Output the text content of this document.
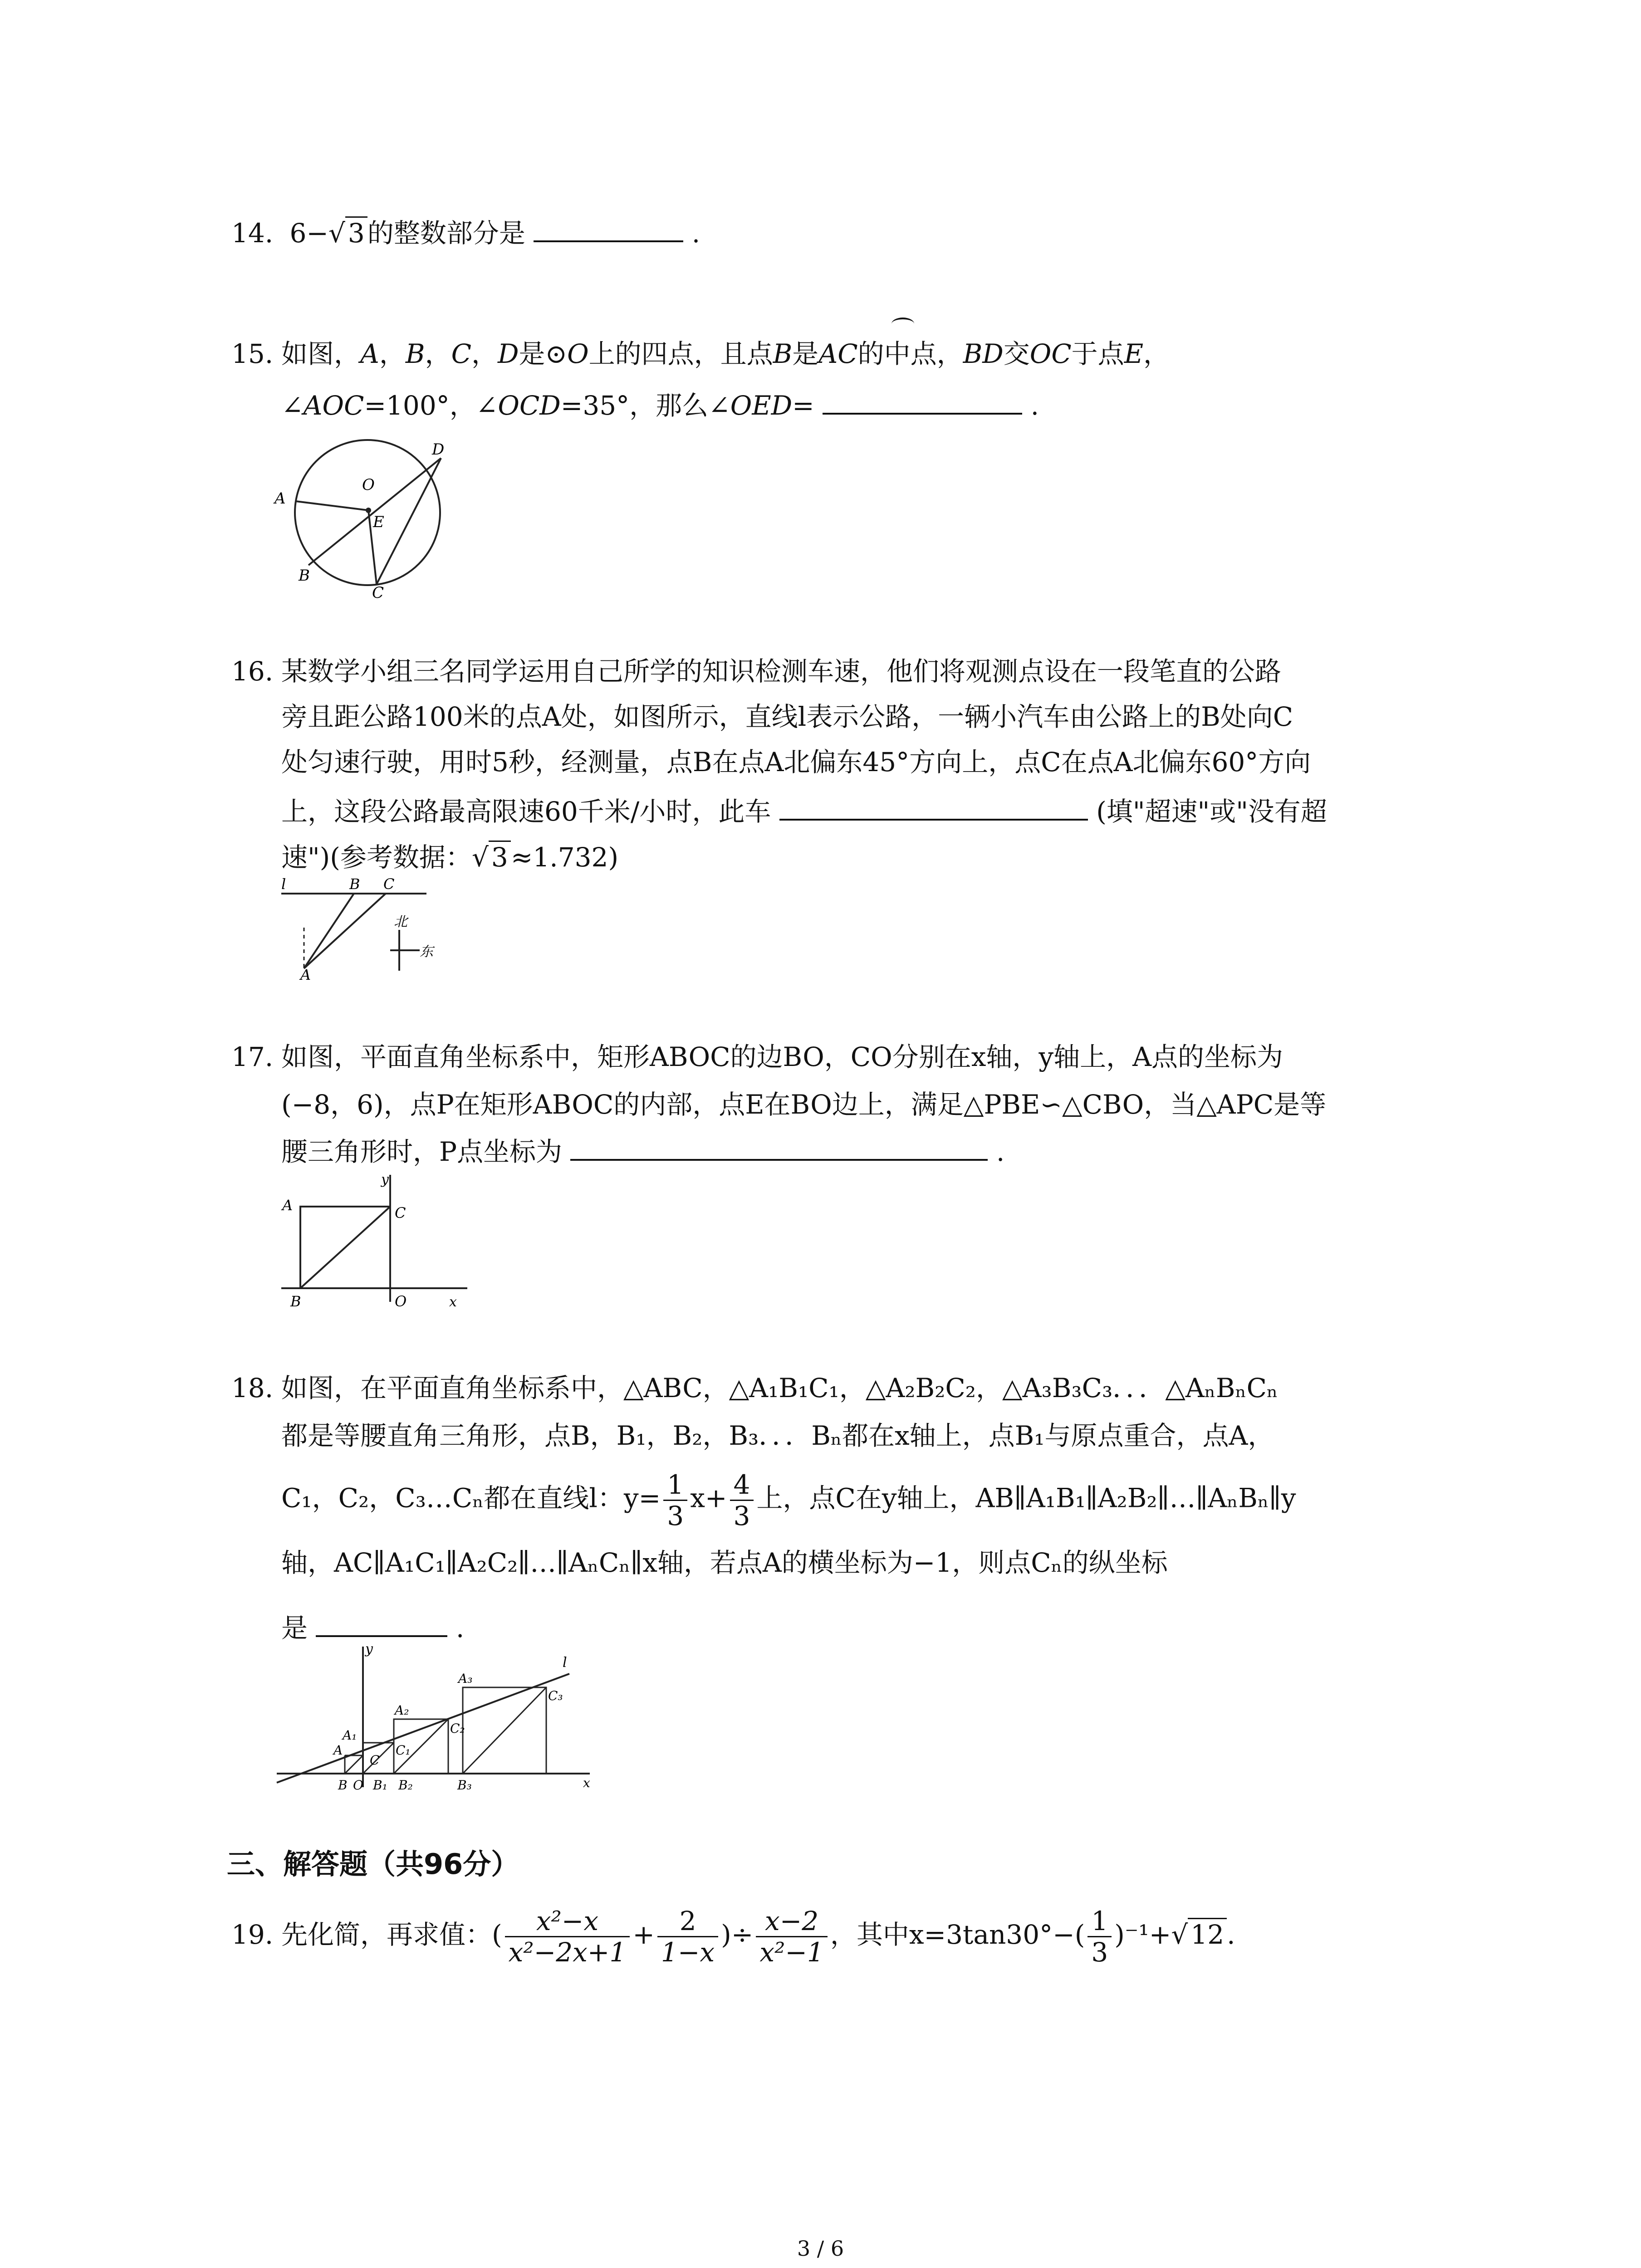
14. 6−√ 3 的整数部分是	.
15. 如图，A，B，C，D是⊙O上的四点，且点B是AC的中点，BD交OC于点E，
∠AOC=100°，∠OCD=35°，那么∠OED=	.
A
O
D
E
B
C
16. 某数学小组三名同学运用自己所学的知识检测车速，他们将观测点设在一段笔直的公路
旁且距公路100米的点A处，如图所示，直线l表示公路，一辆小汽车由公路上的B处向C
处匀速行驶，用时5秒，经测量，点B在点A北偏东45°方向上，点C在点A北偏东60°方向
上，这段公路最高限速60千米/小时，此车	(填"超速"或"没有超
速")(参考数据：√ 3 ≈1.732)
l	B C
A
北
东
17. 如图，平面直角坐标系中，矩形ABOC的边BO，CO分别在x轴，y轴上，A点的坐标为
(−8，6)，点P在矩形ABOC的内部，点E在BO边上，满足△PBE∽△CBO，当△APC是等
腰三角形时，P点坐标为	.
y
A	C
B	O	x
18. 如图，在平面直角坐标系中，△ABC，△A₁B₁C₁，△A₂B₂C₂，△A₃B₃C₃．．．△AₙBₙCₙ
都是等腰直角三角形，点B，B₁，B₂，B₃．．．Bₙ都在x轴上，点B₁与原点重合，点A，
C₁，C₂，C₃…Cₙ都在直线l：$y= \frac{1}{3} x+ \frac{4}{3}$ 上，点C在y轴上，AB∥A₁B₁∥A₂B₂∥…∥AₙBₙ∥y
轴，AC∥A₁C₁∥A₂C₂∥…∥AₙCₙ∥x轴，若点A的横坐标为−1，则点Cₙ的纵坐标
是	.
y
l
A₃
C₃
A₂
C₂
A₁
C₁
A
C
B O B₁ B₂	B₃	x
三、解答题（共96分）
19. 先化简，再求值：( $\frac{\text{x²−x}}{\text{x²−2x+1}} + \frac{2}{1-x}$ )÷ $\frac{x-2}{\text{x²−1}}$ ，其中$x=3\tan 30^\circ-( \frac{1}{3} )^{-1}+√$ 12 .
3 / 6
